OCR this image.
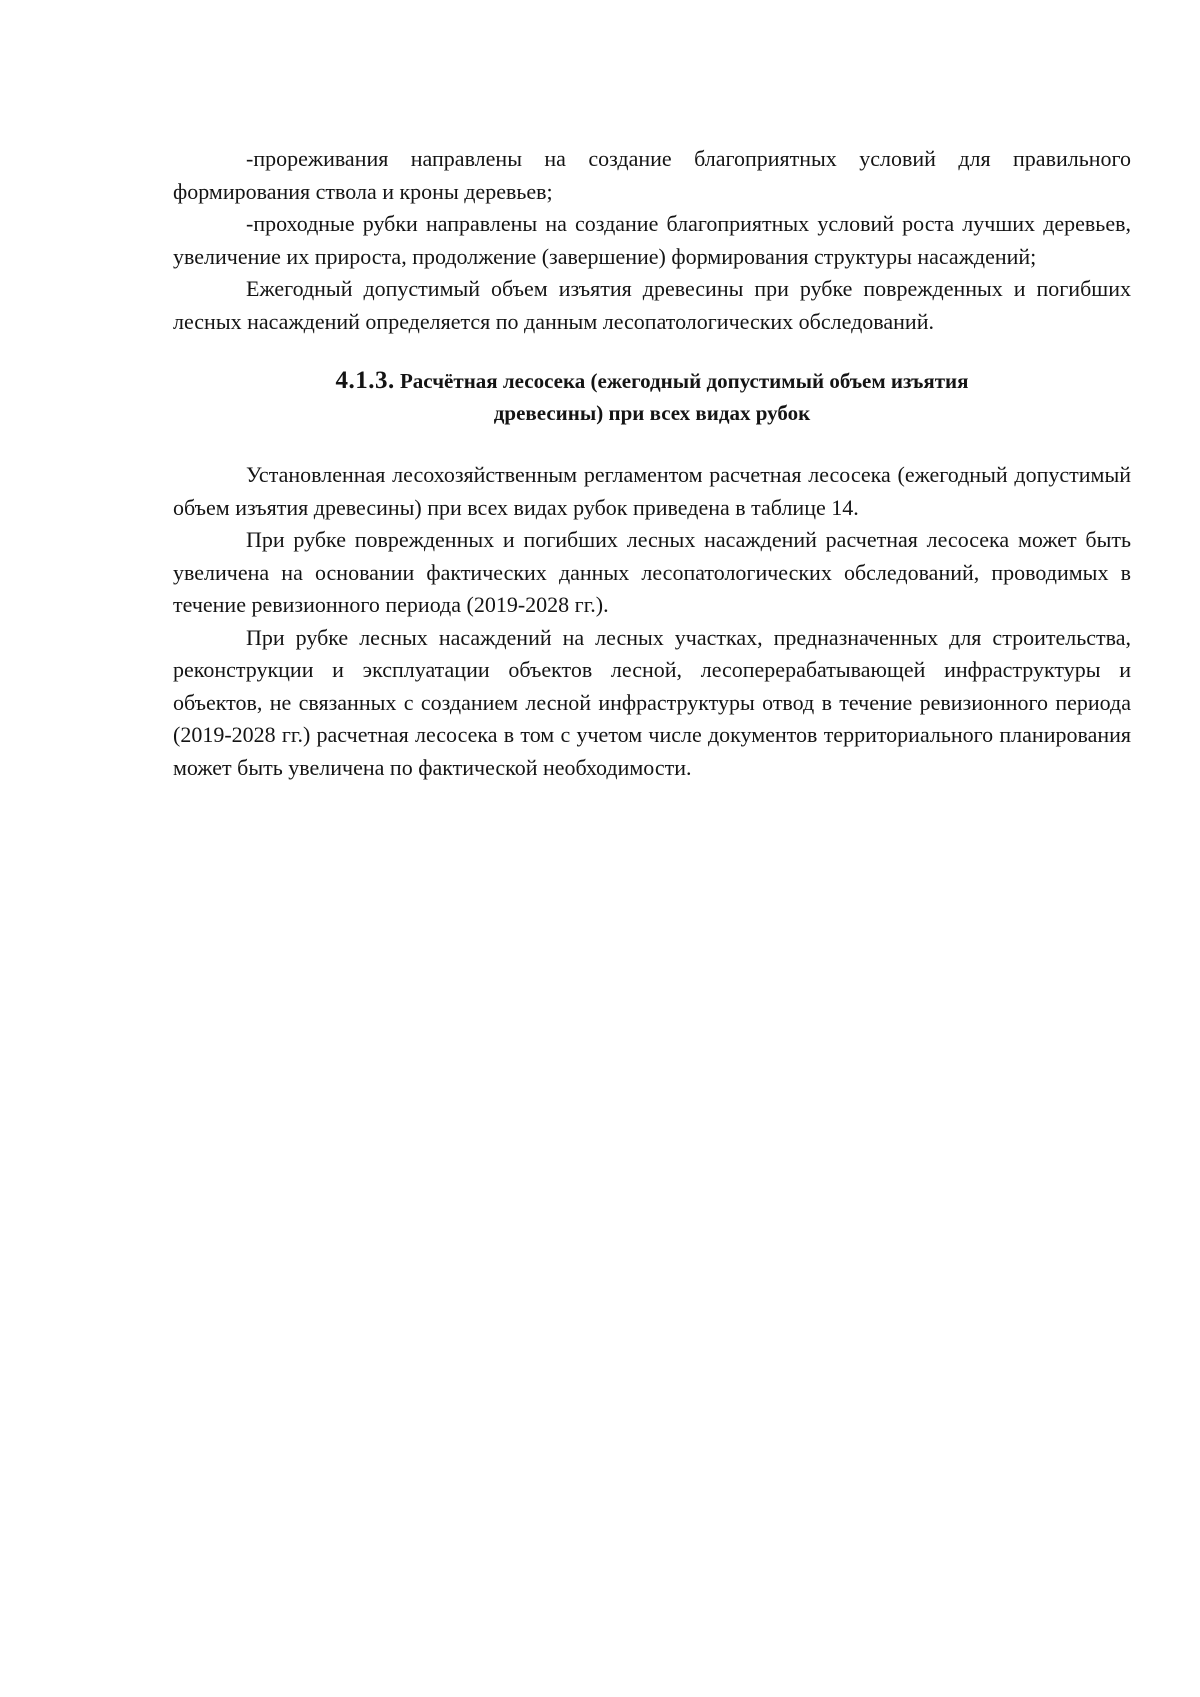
-прореживания направлены на создание благоприятных условий для правильного формирования ствола и кроны деревьев;

-проходные рубки направлены на создание благоприятных условий роста лучших деревьев, увеличение их прироста, продолжение (завершение) формирования структуры насаждений;

Ежегодный допустимый объем изъятия древесины при рубке поврежденных и погибших лесных насаждений определяется по данным лесопатологических обследований.

4.1.3. Расчётная лесосека (ежегодный допустимый объем изъятия
древесины) при всех видах рубок

Установленная лесохозяйственным регламентом расчетная лесосека (ежегодный допустимый объем изъятия древесины) при всех видах рубок приведена в таблице 14.

При рубке поврежденных и погибших лесных насаждений расчетная лесосека может быть увеличена на основании фактических данных лесопатологических обследований, проводимых в течение ревизионного периода (2019-2028 гг.).

При рубке лесных насаждений на лесных участках, предназначенных для строительства, реконструкции и эксплуатации объектов лесной, лесоперерабатывающей инфраструктуры и объектов, не связанных с созданием лесной инфраструктуры отвод в течение ревизионного периода (2019-2028 гг.) расчетная лесосека в том с учетом числе документов территориального планирования может быть увеличена по фактической необходимости.
